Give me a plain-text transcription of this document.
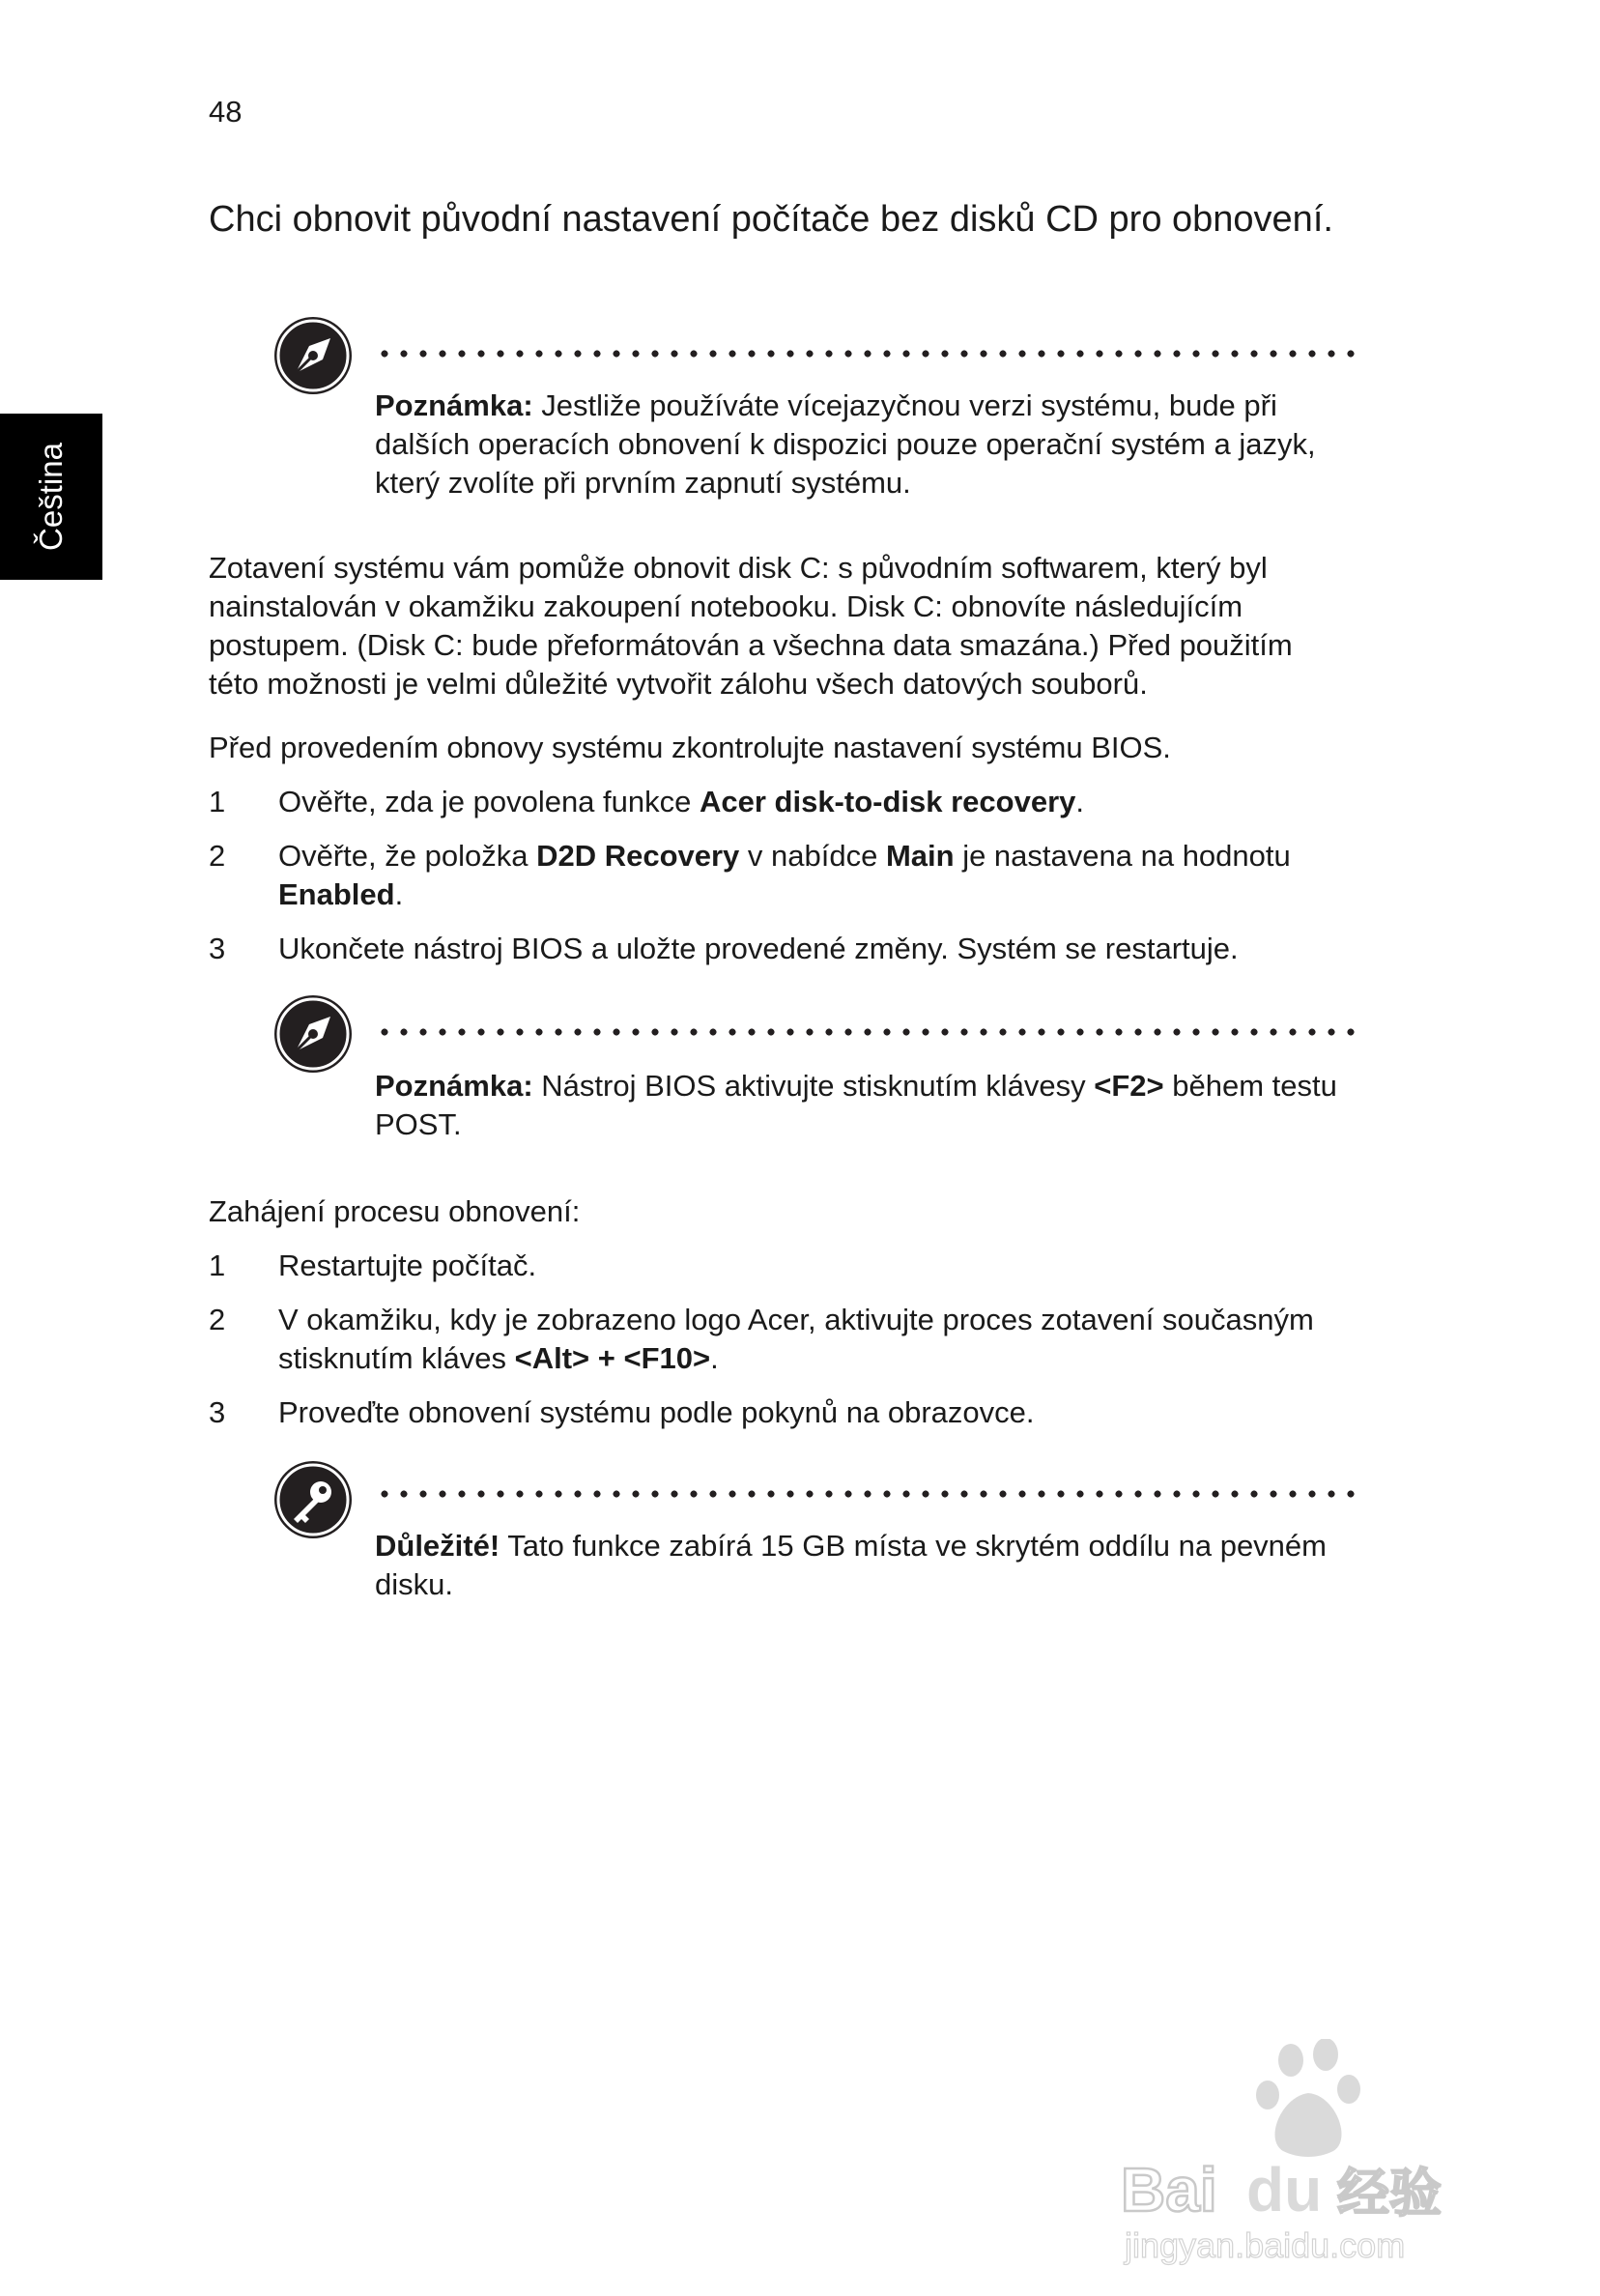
48
Čeština
Chci obnovit původní nastavení počítače bez disků CD pro obnovení.
Poznámka: Jestliže používáte vícejazyčnou verzi systému, bude při dalších operacích obnovení k dispozici pouze operační systém a jazyk, který zvolíte při prvním zapnutí systému.

Zotavení systému vám pomůže obnovit disk C: s původním softwarem, který byl nainstalován v okamžiku zakoupení notebooku. Disk C: obnovíte následujícím postupem. (Disk C: bude přeformátován a všechna data smazána.) Před použitím této možnosti je velmi důležité vytvořit zálohu všech datových souborů.

Před provedením obnovy systému zkontrolujte nastavení systému BIOS.

1 Ověřte, zda je povolena funkce Acer disk-to-disk recovery.
2 Ověřte, že položka D2D Recovery v nabídce Main je nastavena na hodnotu Enabled.
3 Ukončete nástroj BIOS a uložte provedené změny. Systém se restartuje.
Poznámka: Nástroj BIOS aktivujte stisknutím klávesy <F2> během testu POST.

Zahájení procesu obnovení:

1 Restartujte počítač.
2 V okamžiku, kdy je zobrazeno logo Acer, aktivujte proces zotavení současným stisknutím kláves <Alt> + <F10>.
3 Proveďte obnovení systému podle pokynů na obrazovce.
Důležité! Tato funkce zabírá 15 GB místa ve skrytém oddílu na pevném disku.
Bai du 经验
jingyan.baidu.com
